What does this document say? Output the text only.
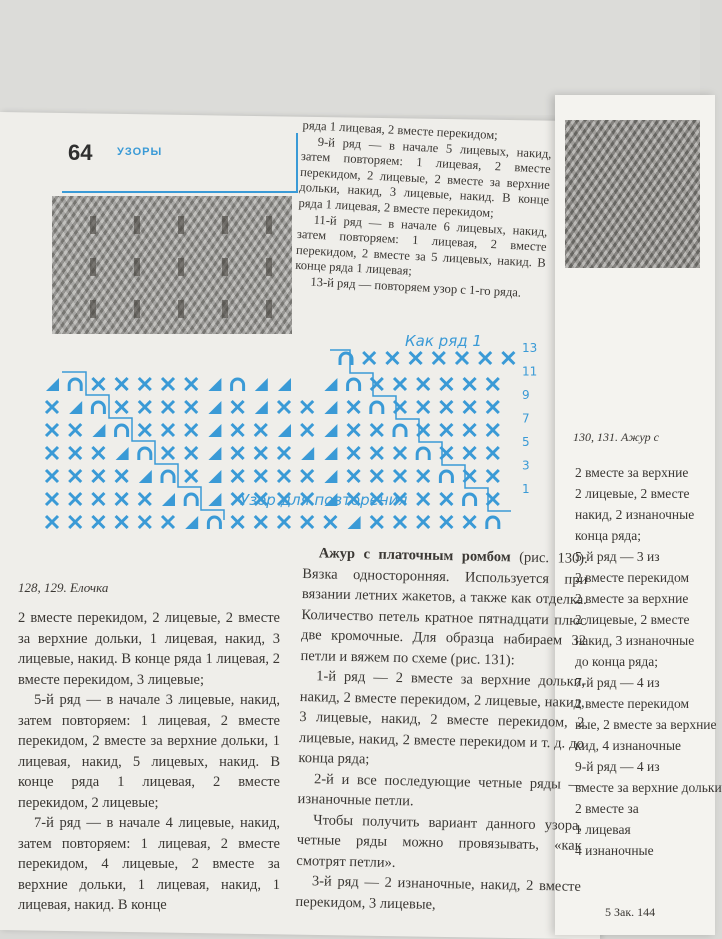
64 УЗОРЫ

ряда 1 лицевая, 2 вместе перекидом;

9-й ряд — в начале 5 лицевых, накид, затем повторяем: 1 лицевая, 2 вместе перекидом, 2 лицевые, 2 вместе за верхние дольки, накид, 3 лицевые, накид. В конце ряда 1 лицевая, 2 вместе перекидом;

11-й ряд — в начале 6 лицевых, накид, затем повторяем: 1 лицевая, 2 вместе перекидом, 2 вместе за 5 лицевых, накид. В конце ряда 1 лицевая;

13-й ряд — повторяем узор с 1-го ряда.

Как ряд 1
Узор для повторения
13
11
9
7
5
3
1
128, 129. Елочка
130, 131. Ажур с

2 вместе перекидом, 2 лицевые, 2 вместе за верхние дольки, 1 лицевая, накид, 3 лицевые, накид. В конце ряда 1 лицевая, 2 вместе перекидом, 3 лицевые;

5-й ряд — в начале 3 лицевые, накид, затем повторяем: 1 лицевая, 2 вместе перекидом, 2 вместе за верхние дольки, 1 лицевая, накид, 5 лицевых, накид. В конце ряда 1 лицевая, 2 вместе перекидом, 2 лицевые;

7-й ряд — в начале 4 лицевые, накид, затем повторяем: 1 лицевая, 2 вместе перекидом, 4 лицевые, 2 вместе за верхние дольки, 1 лицевая, накид, 1 лицевая, накид. В конце

Ажур с платочным ромбом (рис. 130). Вязка односторонняя. Используется при вязании летних жакетов, а также как отделка. Количество петель кратное пятнадцати плюс две кромочные. Для образца набираем 32 петли и вяжем по схеме (рис. 131):

1-й ряд — 2 вместе за верхние дольки, накид, 2 вместе перекидом, 2 лицевые, накид, 3 лицевые, накид, 2 вместе перекидом, 2 лицевые, накид, 2 вместе перекидом и т. д. до конца ряда;

2-й и все последующие четные ряды — изнаночные петли.

Чтобы получить вариант данного узора, четные ряды можно провязывать, «как смотрят петли».

3-й ряд — 2 изнаночные, накид, 2 вместе перекидом, 3 лицевые,

2 вместе за верхние
2 лицевые, 2 вместе
накид, 2 изнаночные
конца ряда;
5-й ряд — 3 из
2 вместе перекидом
2 вместе за верхние
2 лицевые, 2 вместе
накид, 3 изнаночные
до конца ряда;
7-й ряд — 4 из
2 вместе перекидом
вые, 2 вместе за верхние
кид, 4 изнаночные
9-й ряд — 4 из
вместе за верхние дольки
2 вместе за
1 лицевая
4 изнаночные
5 Зак. 144
